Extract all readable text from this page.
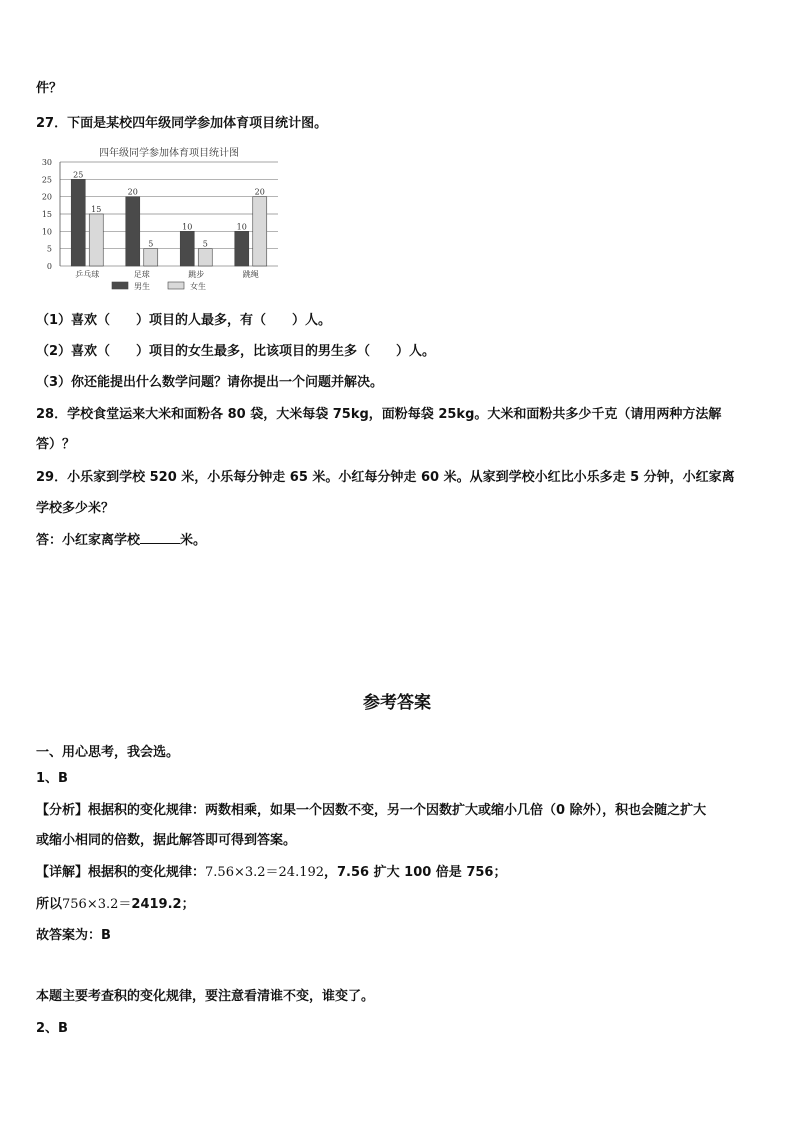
件？
27．下面是某校四年级同学参加体育项目统计图。
四年级同学参加体育项目统计图
0
5
10
15
20
25
30
25
15
乒乓球
20
5
足球
10
5
跳步
10
20
跳绳
男生	女生
（1）喜欢（　　）项目的人最多，有（　　）人。
（2）喜欢（　　）项目的女生最多，比该项目的男生多（　　）人。
（3）你还能提出什么数学问题？请你提出一个问题并解决。
28．学校食堂运来大米和面粉各 80 袋，大米每袋 75kg，面粉每袋 25kg。大米和面粉共多少千克（请用两种方法解
答）？
29．小乐家到学校 520 米，小乐每分钟走 65 米。小红每分钟走 60 米。从家到学校小红比小乐多走 5 分钟，小红家离
学校多少米？
答：小红家离学校	米。
参考答案
一、用心思考，我会选。
1、B
【分析】根据积的变化规律：两数相乘，如果一个因数不变，另一个因数扩大或缩小几倍（0 除外），积也会随之扩大
或缩小相同的倍数，据此解答即可得到答案。
【详解】根据积的变化规律：7.56×3.2＝24.192，7.56 扩大 100 倍是 756；
所以756×3.2＝2419.2；
故答案为：B
本题主要考查积的变化规律，要注意看清谁不变，谁变了。
2、B
